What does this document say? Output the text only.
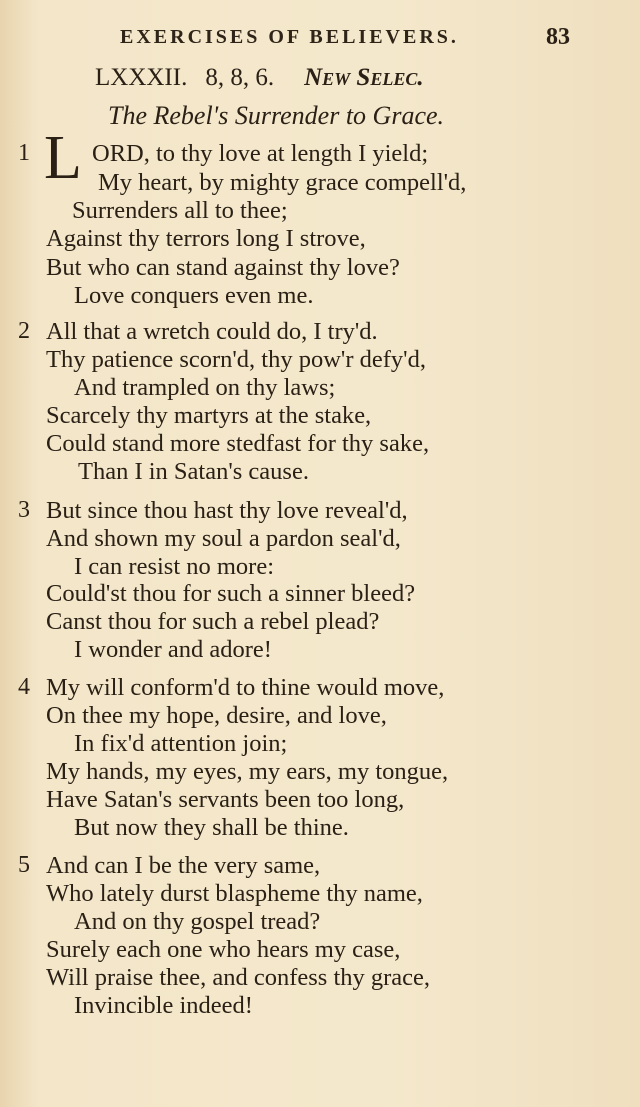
EXERCISES OF BELIEVERS.	83
LXXXII. 8, 8, 6. New Selec.
The Rebel's Surrender to Grace.
L
1	ORD, to thy love at length I yield;
My heart, by mighty grace compell'd,
Surrenders all to thee;
Against thy terrors long I strove,
But who can stand against thy love?
Love conquers even me.
2 All that a wretch could do, I try'd.
Thy patience scorn'd, thy pow'r defy'd,
And trampled on thy laws;
Scarcely thy martyrs at the stake,
Could stand more stedfast for thy sake,
Than I in Satan's cause.
3 But since thou hast thy love reveal'd,
And shown my soul a pardon seal'd,
I can resist no more:
Could'st thou for such a sinner bleed?
Canst thou for such a rebel plead?
I wonder and adore!
4 My will conform'd to thine would move,
On thee my hope, desire, and love,
In fix'd attention join;
My hands, my eyes, my ears, my tongue,
Have Satan's servants been too long,
But now they shall be thine.
5 And can I be the very same,
Who lately durst blaspheme thy name,
And on thy gospel tread?
Surely each one who hears my case,
Will praise thee, and confess thy grace,
Invincible indeed!
